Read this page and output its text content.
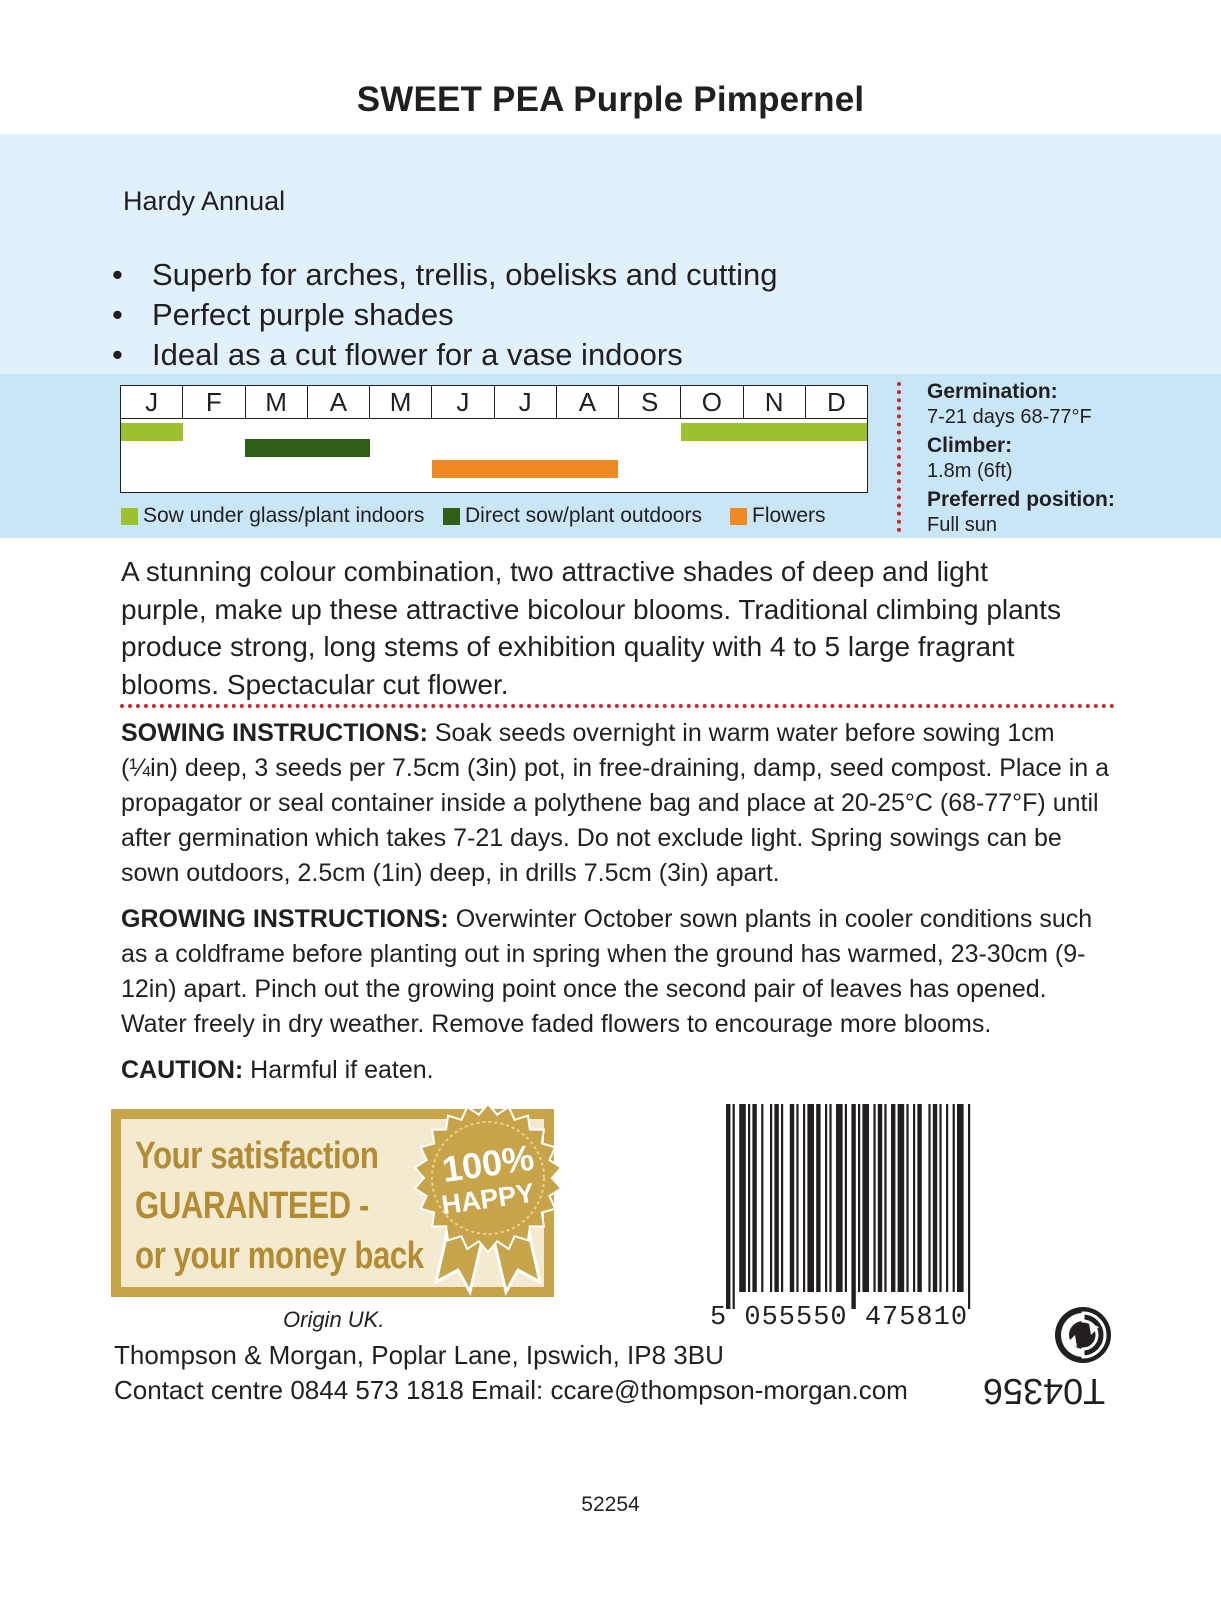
SWEET PEA Purple Pimpernel
Hardy Annual
• Superb for arches, trellis, obelisks and cutting
• Perfect purple shades
• Ideal as a cut flower for a vase indoors
J	F	M	A	M	J	J	A	S	O	N	D
Sow under glass/plant indoors Direct sow/plant outdoors Flowers
Germination:
7-21 days 68-77°F
Climber:
1.8m (6ft)
Preferred position:
Full sun
A stunning colour combination, two attractive shades of deep and light purple, make up these attractive bicolour blooms. Traditional climbing plants produce strong, long stems of exhibition quality with 4 to 5 large fragrant blooms. Spectacular cut flower.
SOWING INSTRUCTIONS: Soak seeds overnight in warm water before sowing 1cm (¼in) deep, 3 seeds per 7.5cm (3in) pot, in free-draining, damp, seed compost. Place in a propagator or seal container inside a polythene bag and place at 20-25°C (68-77°F) until after germination which takes 7-21 days. Do not exclude light. Spring sowings can be sown outdoors, 2.5cm (1in) deep, in drills 7.5cm (3in) apart.
GROWING INSTRUCTIONS: Overwinter October sown plants in cooler conditions such as a coldframe before planting out in spring when the ground has warmed, 23-30cm (9-12in) apart. Pinch out the growing point once the second pair of leaves has opened. Water freely in dry weather. Remove faded flowers to encourage more blooms.
CAUTION: Harmful if eaten.
Your satisfaction
GUARANTEED -
or your money back
100%
HAPPY
Origin UK.
Thompson & Morgan, Poplar Lane, Ipswich, IP8 3BU
Contact centre 0844 573 1818 Email: ccare@thompson-morgan.com
5 055550 475810
T04356
52254
